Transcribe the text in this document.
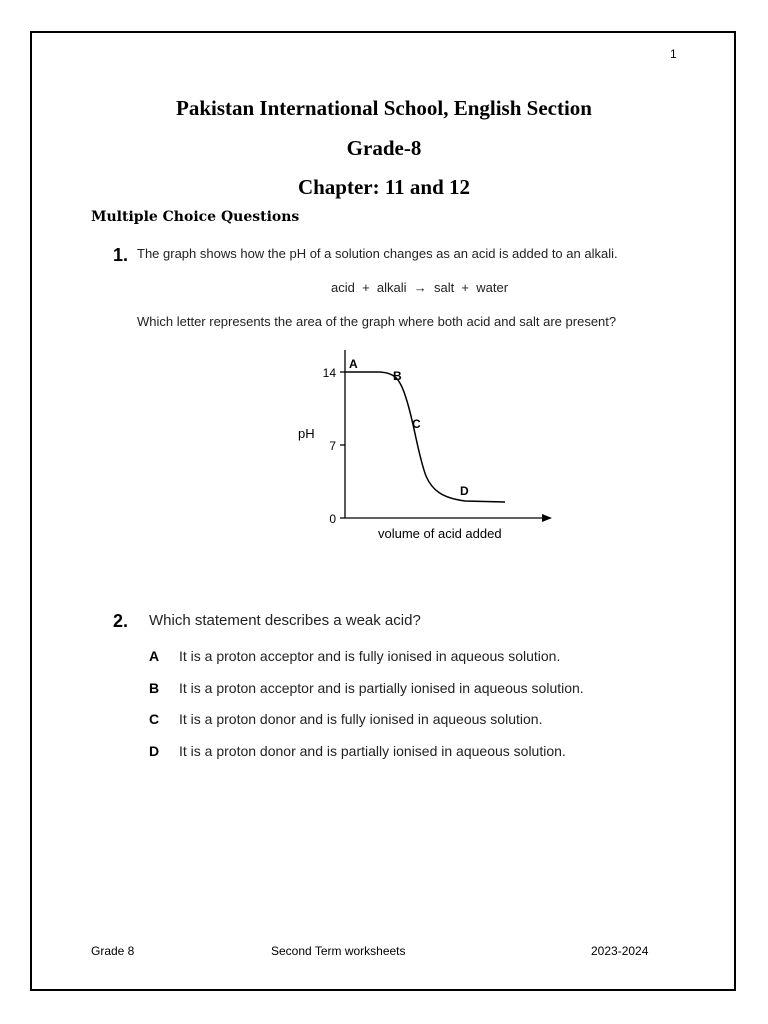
1
Pakistan International School, English Section
Grade-8
Chapter: 11 and 12
Multiple Choice Questions
1. The graph shows how the pH of a solution changes as an acid is added to an alkali.
acid  +  alkali  →  salt  +  water
Which letter represents the area of the graph where both acid and salt are present?
14
7
0
pH
volume of acid added
A
B
C
D
2. Which statement describes a weak acid?
A	It is a proton acceptor and is fully ionised in aqueous solution.
B	It is a proton acceptor and is partially ionised in aqueous solution.
C	It is a proton donor and is fully ionised in aqueous solution.
D	It is a proton donor and is partially ionised in aqueous solution.
Grade 8	Second Term worksheets	2023-2024
